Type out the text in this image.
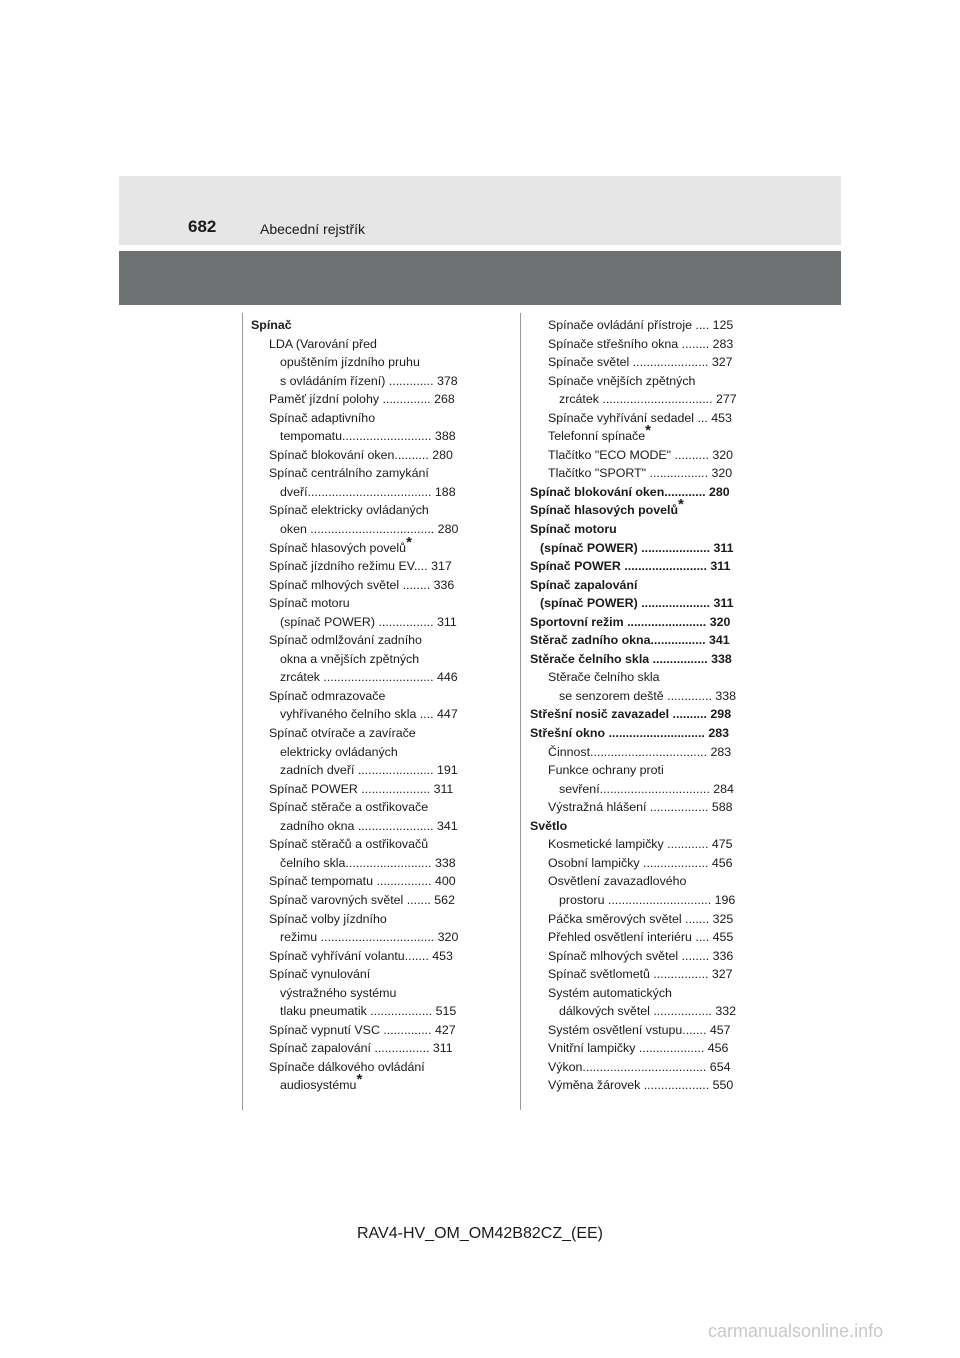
682	Abecední rejstřík
Spínač
LDA (Varování před
opuštěním jízdního pruhu
s ovládáním řízení) ............. 378
Paměť jízdní polohy .............. 268
Spínač adaptivního
tempomatu.......................... 388
Spínač blokování oken.......... 280
Spínač centrálního zamykání
dveří.................................... 188
Spínač elektricky ovládaných
oken .................................... 280
Spínač hlasových povelů*
Spínač jízdního režimu EV.... 317
Spínač mlhových světel ........ 336
Spínač motoru
(spínač POWER) ................ 311
Spínač odmlžování zadního
okna a vnějších zpětných
zrcátek ................................ 446
Spínač odmrazovače
vyhřívaného čelního skla .... 447
Spínač otvírače a zavírače
elektricky ovládaných
zadních dveří ...................... 191
Spínač POWER .................... 311
Spínač stěrače a ostřikovače
zadního okna ...................... 341
Spínač stěračů a ostřikovačů
čelního skla......................... 338
Spínač tempomatu ................ 400
Spínač varovných světel ....... 562
Spínač volby jízdního
režimu ................................. 320
Spínač vyhřívání volantu....... 453
Spínač vynulování
výstražného systému
tlaku pneumatik .................. 515
Spínač vypnutí VSC .............. 427
Spínač zapalování ................ 311
Spínače dálkového ovládání
audiosystému*
Spínače ovládání přístroje .... 125
Spínače střešního okna ........ 283
Spínače světel ...................... 327
Spínače vnějších zpětných
zrcátek ................................ 277
Spínače vyhřívání sedadel ... 453
Telefonní spínače*
Tlačítko "ECO MODE" .......... 320
Tlačítko "SPORT" ................. 320
Spínač blokování oken............ 280
Spínač hlasových povelů*
Spínač motoru
(spínač POWER) .................... 311
Spínač POWER ........................ 311
Spínač zapalování
(spínač POWER) .................... 311
Sportovní režim ....................... 320
Stěrač zadního okna................ 341
Stěrače čelního skla ................ 338
Stěrače čelního skla
se senzorem deště ............. 338
Střešní nosič zavazadel .......... 298
Střešní okno ............................ 283
Činnost.................................. 283
Funkce ochrany proti
sevření................................ 284
Výstražná hlášení ................. 588
Světlo
Kosmetické lampičky ............ 475
Osobní lampičky ................... 456
Osvětlení zavazadlového
prostoru .............................. 196
Páčka směrových světel ....... 325
Přehled osvětlení interiéru .... 455
Spínač mlhových světel ........ 336
Spínač světlometů ................ 327
Systém automatických
dálkových světel ................. 332
Systém osvětlení vstupu....... 457
Vnitřní lampičky ................... 456
Výkon.................................... 654
Výměna žárovek ................... 550
RAV4-HV_OM_OM42B82CZ_(EE)
carmanualsonline.info
